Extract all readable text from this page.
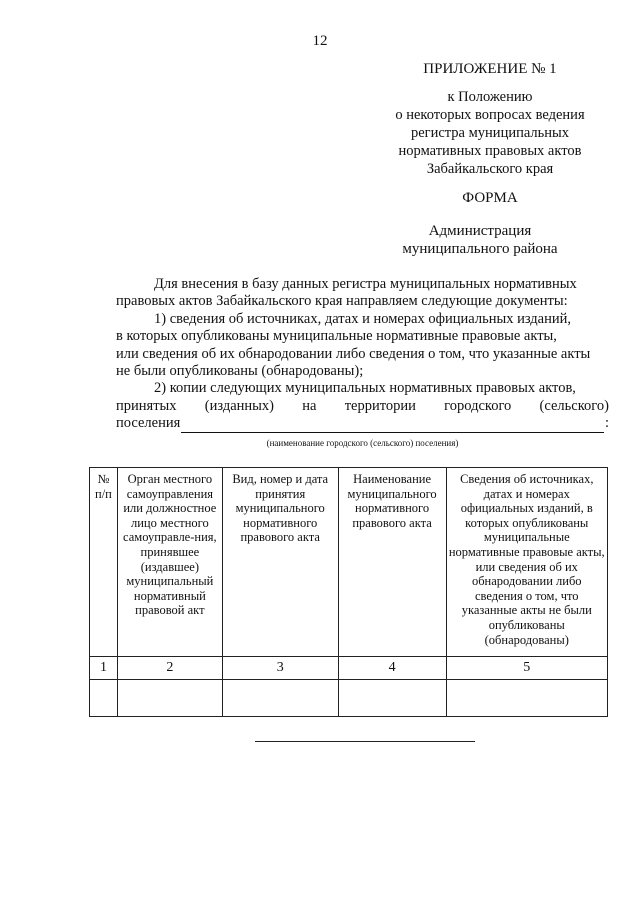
12
ПРИЛОЖЕНИЕ № 1
к Положению
о некоторых вопросах ведения
регистра муниципальных
нормативных правовых актов
Забайкальского края
ФОРМА
Администрация
муниципального района

Для внесения в базу данных регистра муниципальных нормативных

правовых актов Забайкальского края направляем следующие документы:

1) сведения об источниках, датах и номерах официальных изданий,

в которых опубликованы муниципальные нормативные правовые акты,

или сведения об их обнародовании либо сведения о том, что указанные акты

не были опубликованы (обнародованы);

2) копии следующих муниципальных нормативных правовых актов,

принятых (изданных) на территории городского (сельского)
поселения	:
(наименование городского (сельского) поселения)
№ п/п	Орган местного самоуправления или должностное лицо местного самоуправле-ния, принявшее (издавшее) муниципальный нормативный правовой акт	Вид, номер и дата принятия муниципального нормативного правового акта	Наименование муниципального нормативного правового акта	Сведения об источниках, датах и номерах официальных изданий, в которых опубликованы муниципальные нормативные правовые акты, или сведения об их обнародовании либо сведения о том, что указанные акты не были опубликованы (обнародованы)
1	2	3	4	5
